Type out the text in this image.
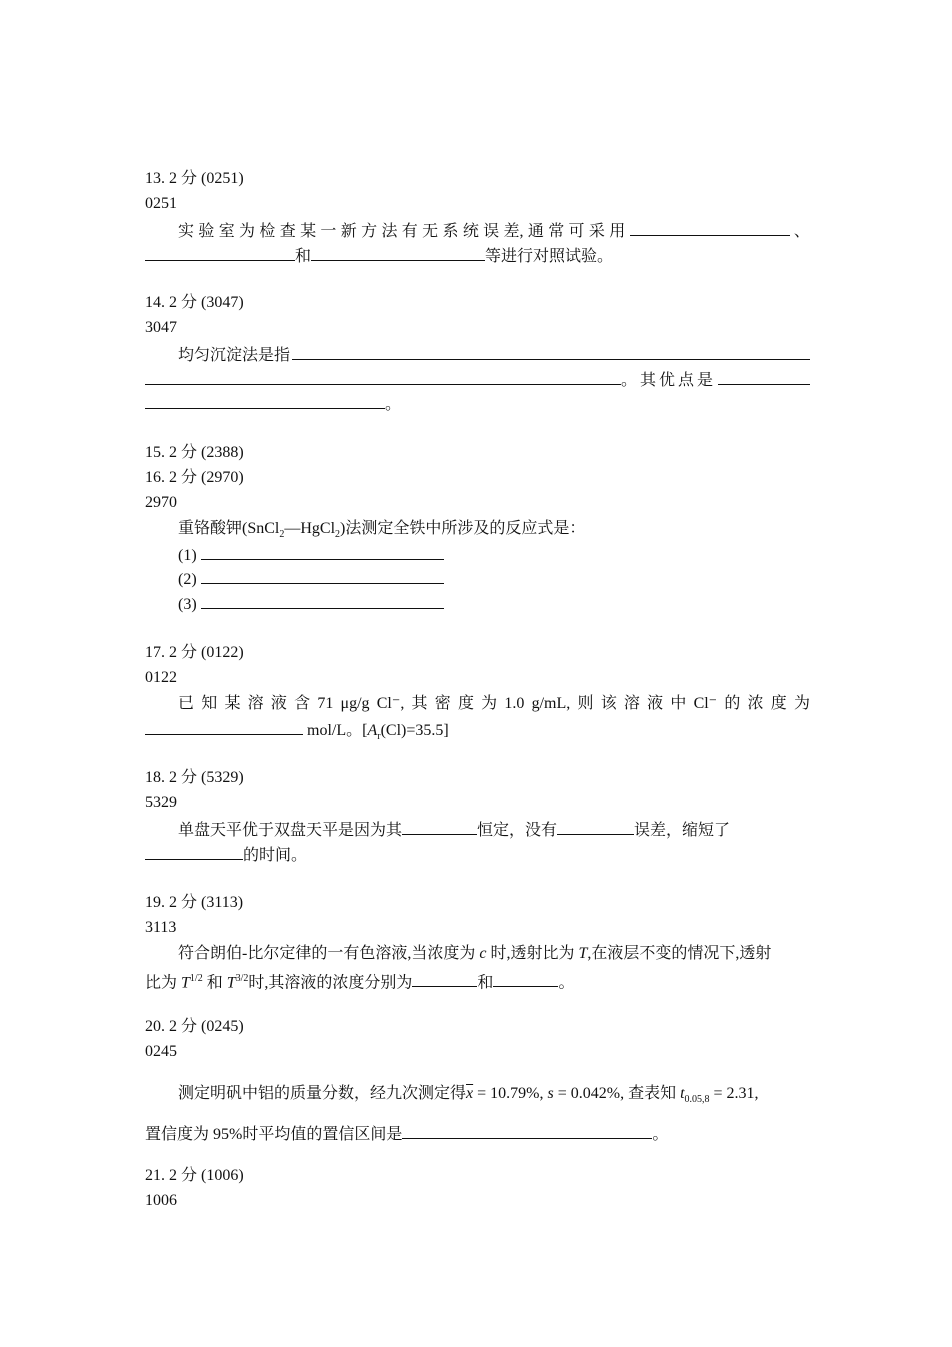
13. 2 分 (0251)
0251
实 验 室 为 检 查 某 一 新 方 法 有 无 系 统 误 差, 通 常 可 采 用	、
和	等进行对照试验。
14. 2 分 (3047)
3047
均匀沉淀法是指
。其优点是
。
15. 2 分 (2388)
16. 2 分 (2970)
2970
重铬酸钾(SnCl$_2$—HgCl$_2$)法测定全铁中所涉及的反应式是：
(1)
(2)
(3)
17. 2 分 (0122)
0122
已 知 某 溶 液 含 71 μg/g Cl⁻, 其 密 度 为 1.0 g/mL, 则 该 溶 液 中 Cl⁻ 的 浓 度 为
mol/L。$[A_r(Cl)=35.5]$
18. 2 分 (5329)
5329
单盘天平优于双盘天平是因为其	恒定，没有	误差，缩短了
的时间。
19. 2 分 (3113)
3113
符合朗伯-比尔定律的一有色溶液,当浓度为 c 时,透射比为 T,在液层不变的情况下,透射
比为 $T^{1/2}$ 和 $T^{3/2}$时,其溶液的浓度分别为	和	。
20. 2 分 (0245)
0245
测定明矾中铝的质量分数，经九次测定得$\overline{x} = 10.79\%$, s = 0.042%, 查表知 $t_{0.05,8} = 2.31$,
置信度为 95%时平均值的置信区间是	。
21. 2 分 (1006)
1006
